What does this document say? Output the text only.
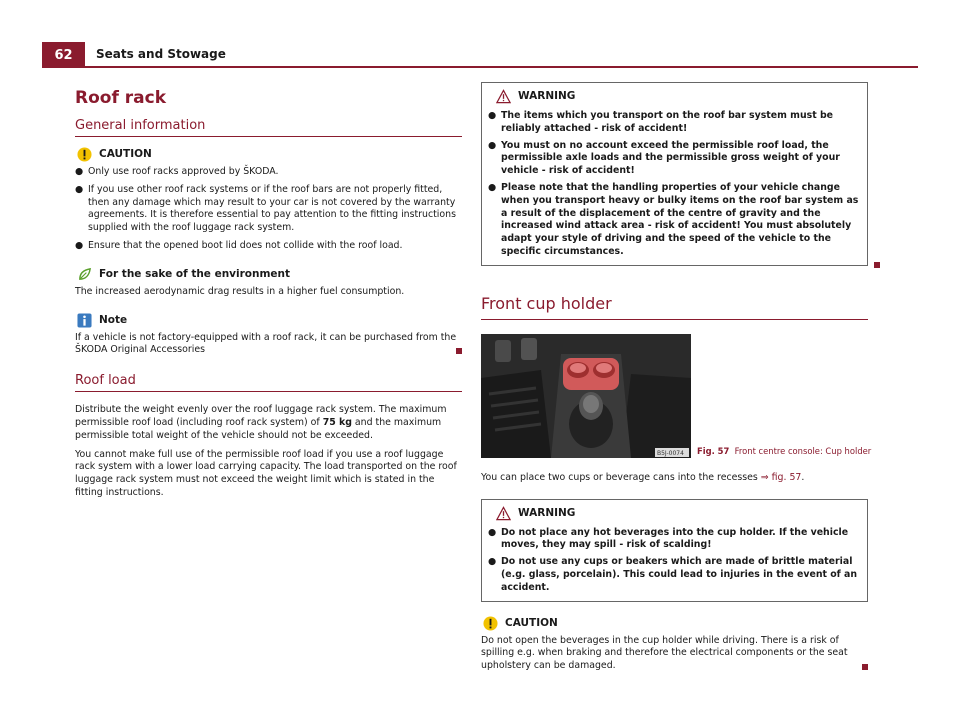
62	Seats and Stowage
Roof rack
General information
CAUTION
● Only use roof racks approved by ŠKODA.
● If you use other roof rack systems or if the roof bars are not properly fitted, then any damage which may result to your car is not covered by the warranty agreements. It is therefore essential to pay attention to the fitting instructions supplied with the roof luggage rack system.
● Ensure that the opened boot lid does not collide with the roof load.
For the sake of the environment

The increased aerodynamic drag results in a higher fuel consumption.

Note

If a vehicle is not factory-equipped with a roof rack, it can be purchased from the ŠKODA Original Accessories

Roof load

Distribute the weight evenly over the roof luggage rack system. The maximum permissible roof load (including roof rack system) of 75 kg and the maximum permissible total weight of the vehicle should not be exceeded.

You cannot make full use of the permissible roof load if you use a roof luggage rack system with a lower load carrying capacity. The load transported on the roof luggage rack system must not exceed the weight limit which is stated in the fitting instructions.

WARNING
● The items which you transport on the roof bar system must be reliably attached - risk of accident!
● You must on no account exceed the permissible roof load, the permissible axle loads and the permissible gross weight of your vehicle - risk of accident!
● Please note that the handling properties of your vehicle change when you transport heavy or bulky items on the roof bar system as a result of the displacement of the centre of gravity and the increased wind attack area - risk of accident! You must absolutely adapt your style of driving and the speed of the vehicle to the specific circumstances.
Front cup holder
B5J-0074 Fig. 57 Front centre console: Cup holder

You can place two cups or beverage cans into the recesses ⇒ fig. 57.

WARNING
● Do not place any hot beverages into the cup holder. If the vehicle moves, they may spill - risk of scalding!
● Do not use any cups or beakers which are made of brittle material (e.g. glass, porcelain). This could lead to injuries in the event of an accident.
CAUTION

Do not open the beverages in the cup holder while driving. There is a risk of spilling e.g. when braking and therefore the electrical components or the seat upholstery can be damaged.
